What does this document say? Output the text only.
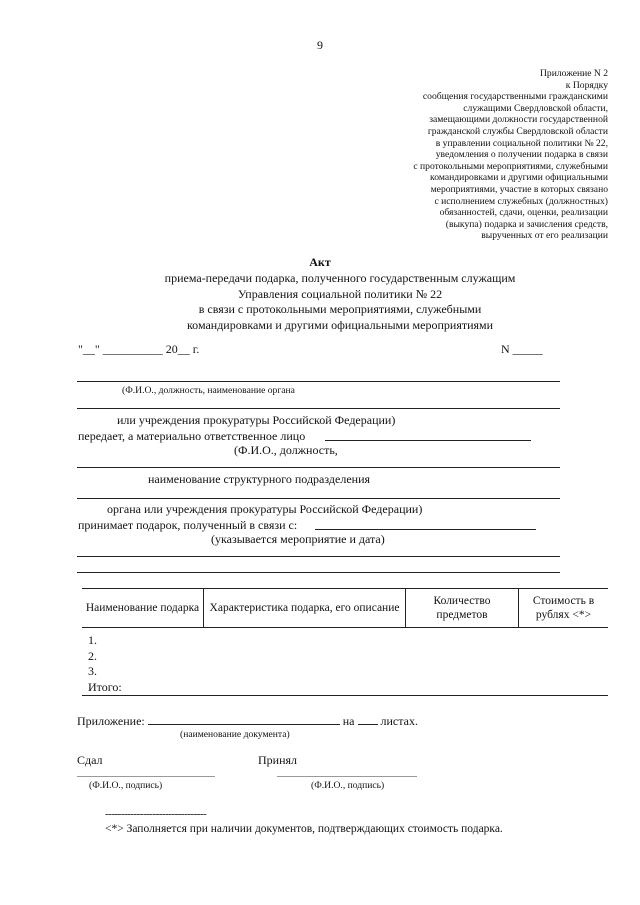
9
Приложение N 2
к Порядку
сообщения государственными гражданскими
служащими Свердловской области,
замещающими должности государственной
гражданской службы Свердловской области
в управлении социальной политики № 22,
уведомления о получении подарка в связи
с протокольными мероприятиями, служебными
командировками и другими официальными
мероприятиями, участие в которых связано
с исполнением служебных (должностных)
обязанностей, сдачи, оценки, реализации
(выкупа) подарка и зачисления средств,
вырученных от его реализации
Акт
приема-передачи подарка, полученного государственным служащим
Управления социальной политики № 22
в связи с протокольными мероприятиями, служебными
командировками и другими официальными мероприятиями
"__" __________ 20__ г.	N _____
(Ф.И.О., должность, наименование органа
или учреждения прокуратуры Российской Федерации)
передает, а материально ответственное лицо
(Ф.И.О., должность,
наименование структурного подразделения
органа или учреждения прокуратуры Российской Федерации)
принимает подарок, полученный в связи с:
(указывается мероприятие и дата)
Наименование подарка	Характеристика подарка, его описание	Количество предметов	Стоимость в рублях <*>
1.
2.
3.
Итого:
Приложение:	на листах.
(наименование документа)
Сдал	Принял
(Ф.И.О., подпись)	(Ф.И.О., подпись)
--------------------------------
<*> Заполняется при наличии документов, подтверждающих стоимость подарка.
